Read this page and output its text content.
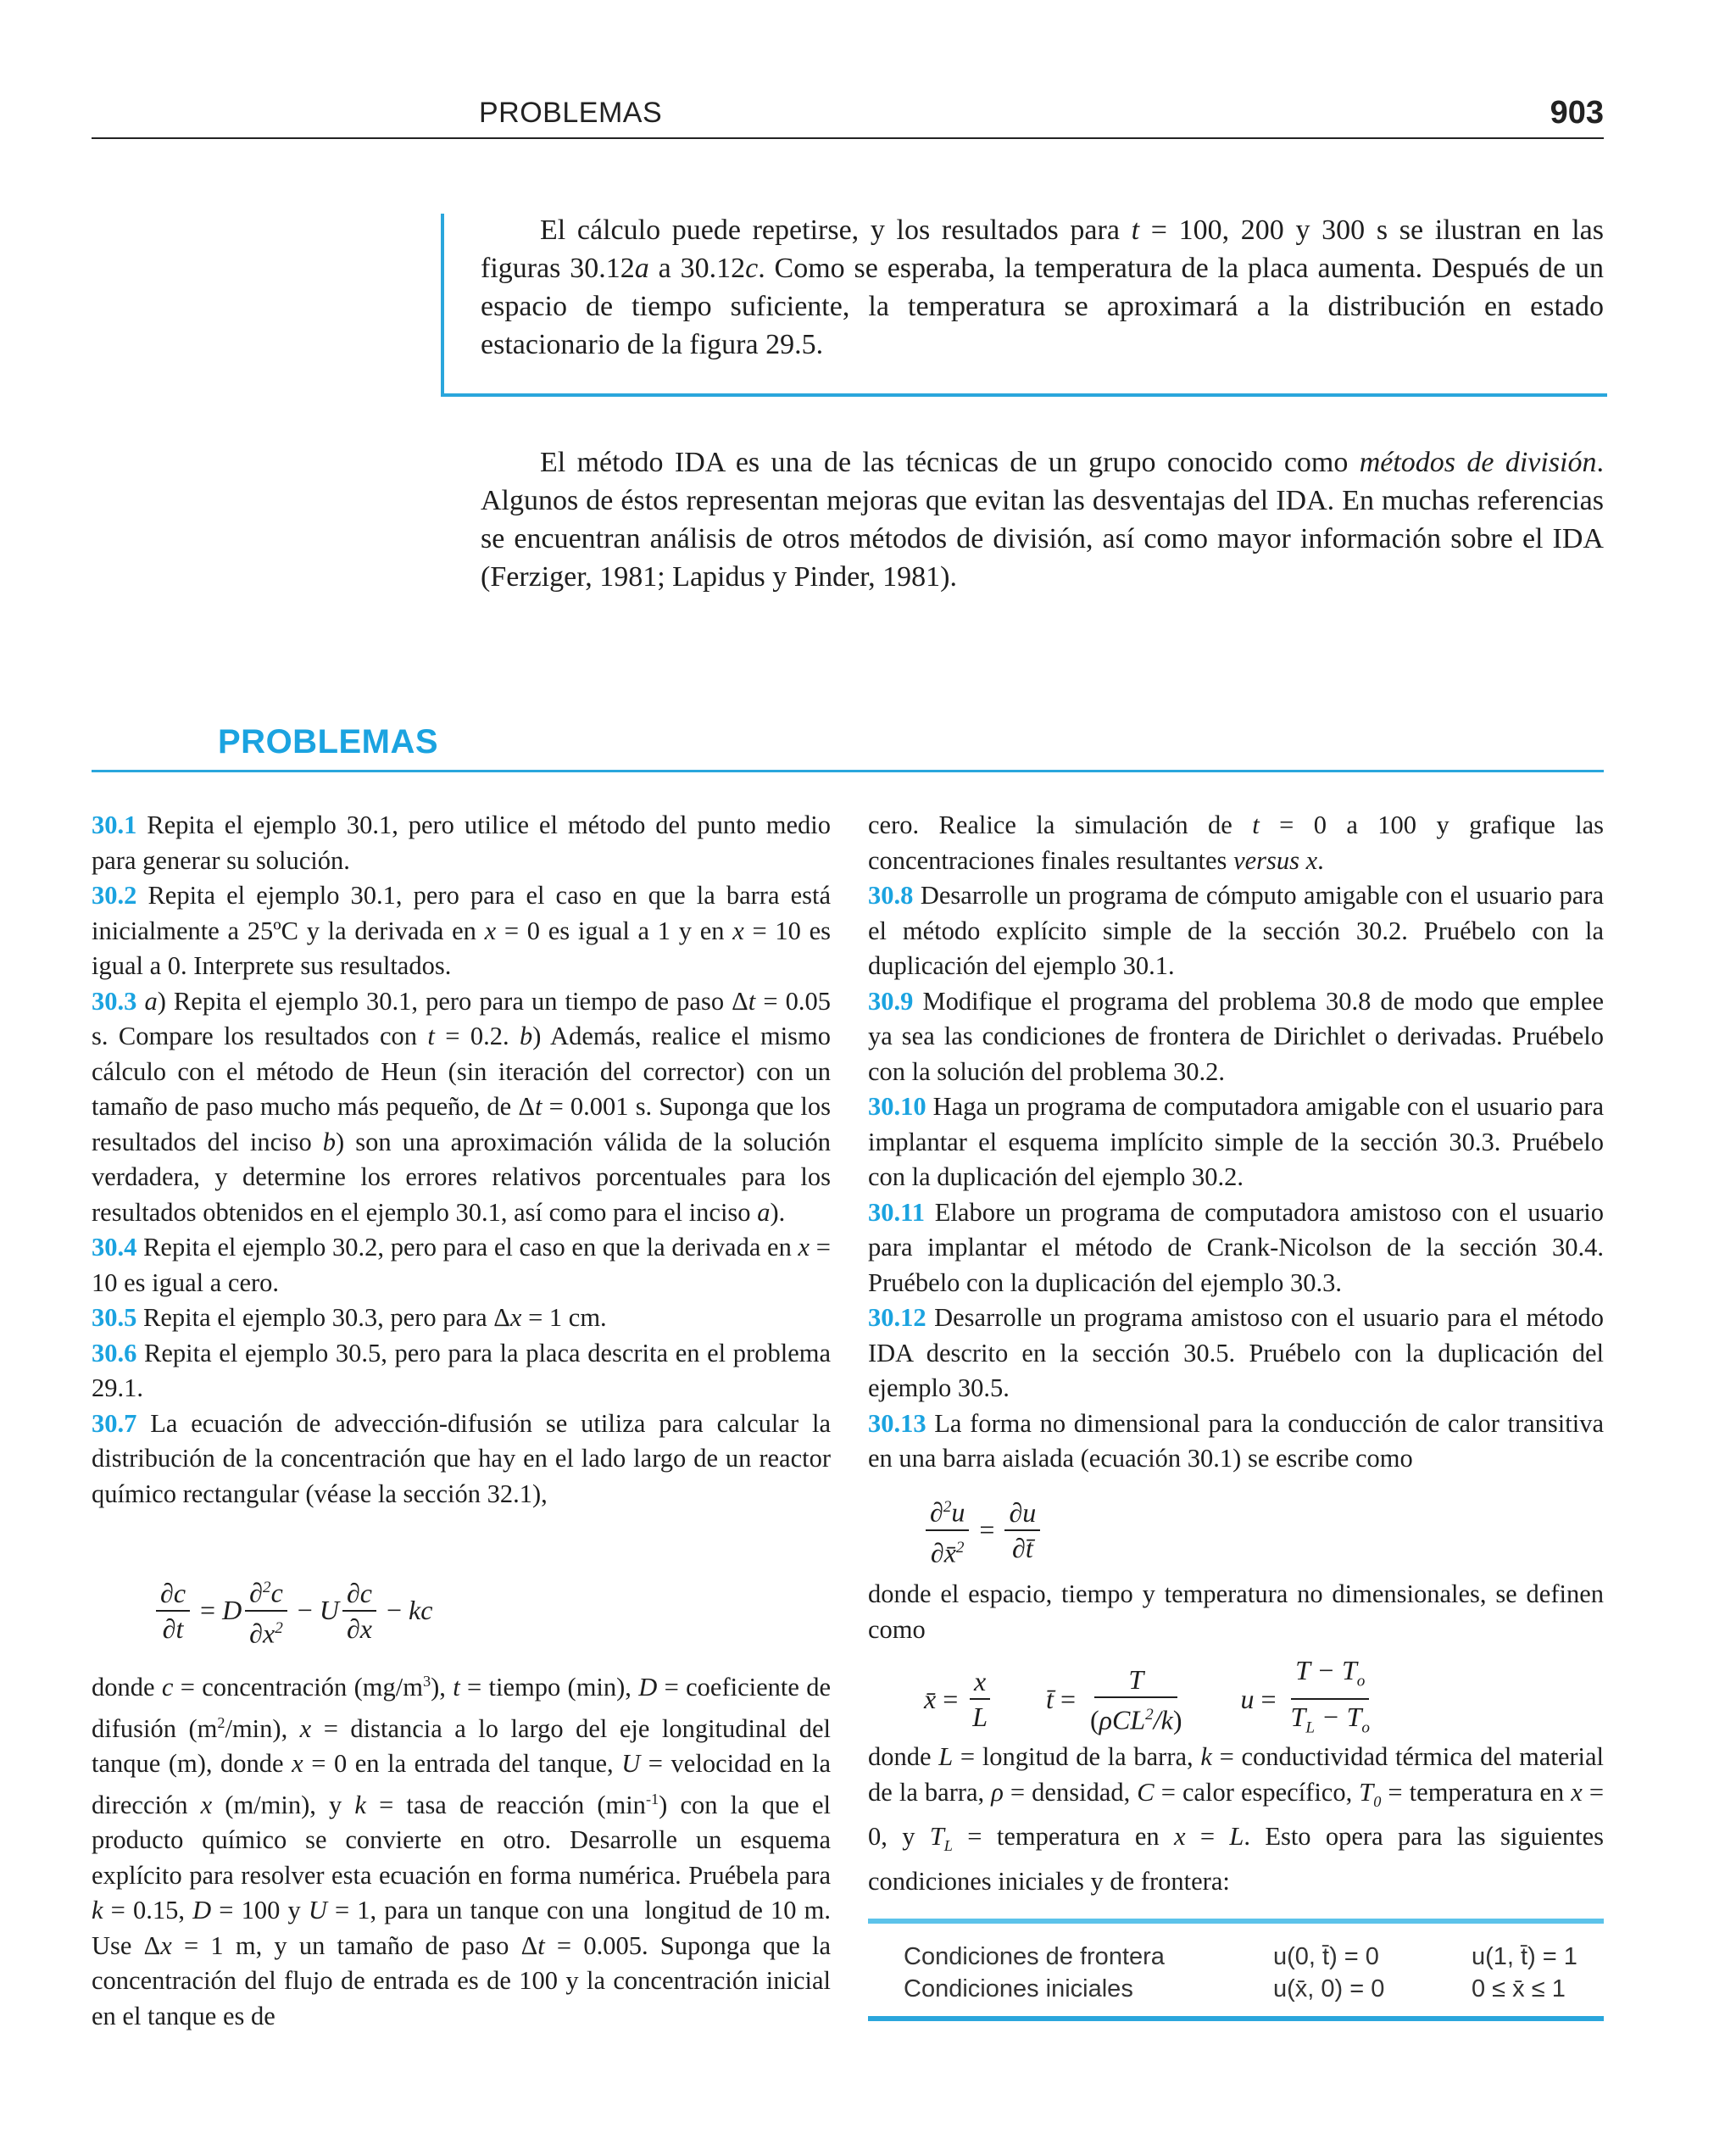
PROBLEMAS	903

El cálculo puede repetirse, y los resultados para t = 100, 200 y 300 s se ilustran en las figuras 30.12a a 30.12c. Como se esperaba, la temperatura de la placa aumenta. Después de un espacio de tiempo suficiente, la temperatura se aproximará a la distribución en estado estacionario de la figura 29.5.

El método IDA es una de las técnicas de un grupo conocido como métodos de división. Algunos de éstos representan mejoras que evitan las desventajas del IDA. En muchas referencias se encuentran análisis de otros métodos de división, así como mayor información sobre el IDA (Ferziger, 1981; Lapidus y Pinder, 1981).

PROBLEMAS

30.1 Repita el ejemplo 30.1, pero utilice el método del punto medio para generar su solución.

30.2 Repita el ejemplo 30.1, pero para el caso en que la barra está inicialmente a 25ºC y la derivada en x = 0 es igual a 1 y en x = 10 es igual a 0. Interprete sus resultados.

30.3 a) Repita el ejemplo 30.1, pero para un tiempo de paso Δt = 0.05 s. Compare los resultados con t = 0.2. b) Además, realice el mismo cálculo con el método de Heun (sin iteración del corrector) con un tamaño de paso mucho más pequeño, de Δt = 0.001 s. Suponga que los resultados del inciso b) son una aproximación válida de la solución verdadera, y determine los errores relativos porcentuales para los resultados obtenidos en el ejemplo 30.1, así como para el inciso a).

30.4 Repita el ejemplo 30.2, pero para el caso en que la derivada en x = 10 es igual a cero.

30.5 Repita el ejemplo 30.3, pero para Δx = 1 cm.

30.6 Repita el ejemplo 30.5, pero para la placa descrita en el problema 29.1.

30.7 La ecuación de advección-difusión se utiliza para calcular la distribución de la concentración que hay en el lado largo de un reactor químico rectangular (véase la sección 32.1),

$\frac{\partial c}{\partial t} = D \frac{\partial^2c}{\partial x^2} - U \frac{\partial c}{\partial x}$ − kc

donde c = concentración $(mg/m^3)$, t = tiempo (min), D = coeficiente de difusión $(m^2/\min)$, x = distancia a lo largo del eje longitudinal del tanque (m), donde x = 0 en la entrada del tanque, U = velocidad en la dirección x (m/min), y k = tasa de reacción $(\min^{-1})$ con la que el producto químico se convierte en otro. Desarrolle un esquema explícito para resolver esta ecuación en forma numérica. Pruébela para k = 0.15, D = 100 y U = 1, para un tanque con una  longitud de 10 m. Use Δx = 1 m, y un tamaño de paso Δt = 0.005. Suponga que la concentración del flujo de entrada es de 100 y la concentración inicial en el tanque es de

cero. Realice la simulación de t = 0 a 100 y grafique las concentraciones finales resultantes versus x.

30.8 Desarrolle un programa de cómputo amigable con el usuario para el método explícito simple de la sección 30.2. Pruébelo con la duplicación del ejemplo 30.1.

30.9 Modifique el programa del problema 30.8 de modo que emplee ya sea las condiciones de frontera de Dirichlet o derivadas. Pruébelo con la solución del problema 30.2.

30.10 Haga un programa de computadora amigable con el usuario para implantar el esquema implícito simple de la sección 30.3. Pruébelo con la duplicación del ejemplo 30.2.

30.11 Elabore un programa de computadora amistoso con el usuario para implantar el método de Crank-Nicolson de la sección 30.4. Pruébelo con la duplicación del ejemplo 30.3.

30.12 Desarrolle un programa amistoso con el usuario para el método IDA descrito en la sección 30.5. Pruébelo con la duplicación del ejemplo 30.5.

30.13 La forma no dimensional para la conducción de calor transitiva en una barra aislada (ecuación 30.1) se escribe como

$\frac{\partial^2u}{\partial x̄^2} = \frac{\partial u}{\partial t̄}$

donde el espacio, tiempo y temperatura no dimensionales, se definen como

x̄ = $\frac{x}{L}$ t̄ = $\frac{T}{(\rho CL^2/k)}$ $u = \frac{T - T_o}{T_L - T_o}$

donde L = longitud de la barra, k = conductividad térmica del material de la barra, ρ = densidad, C = calor específico, $T_0$ = temperatura en x = 0, y $T_L$ = temperatura en x = L. Esto opera para las siguientes condiciones iniciales y de frontera:

Condiciones de frontera	u(0, t̄) = 0	u(1, t̄) = 1
Condiciones iniciales	u(x̄, 0) = 0	0 ≤ x̄ ≤ 1
